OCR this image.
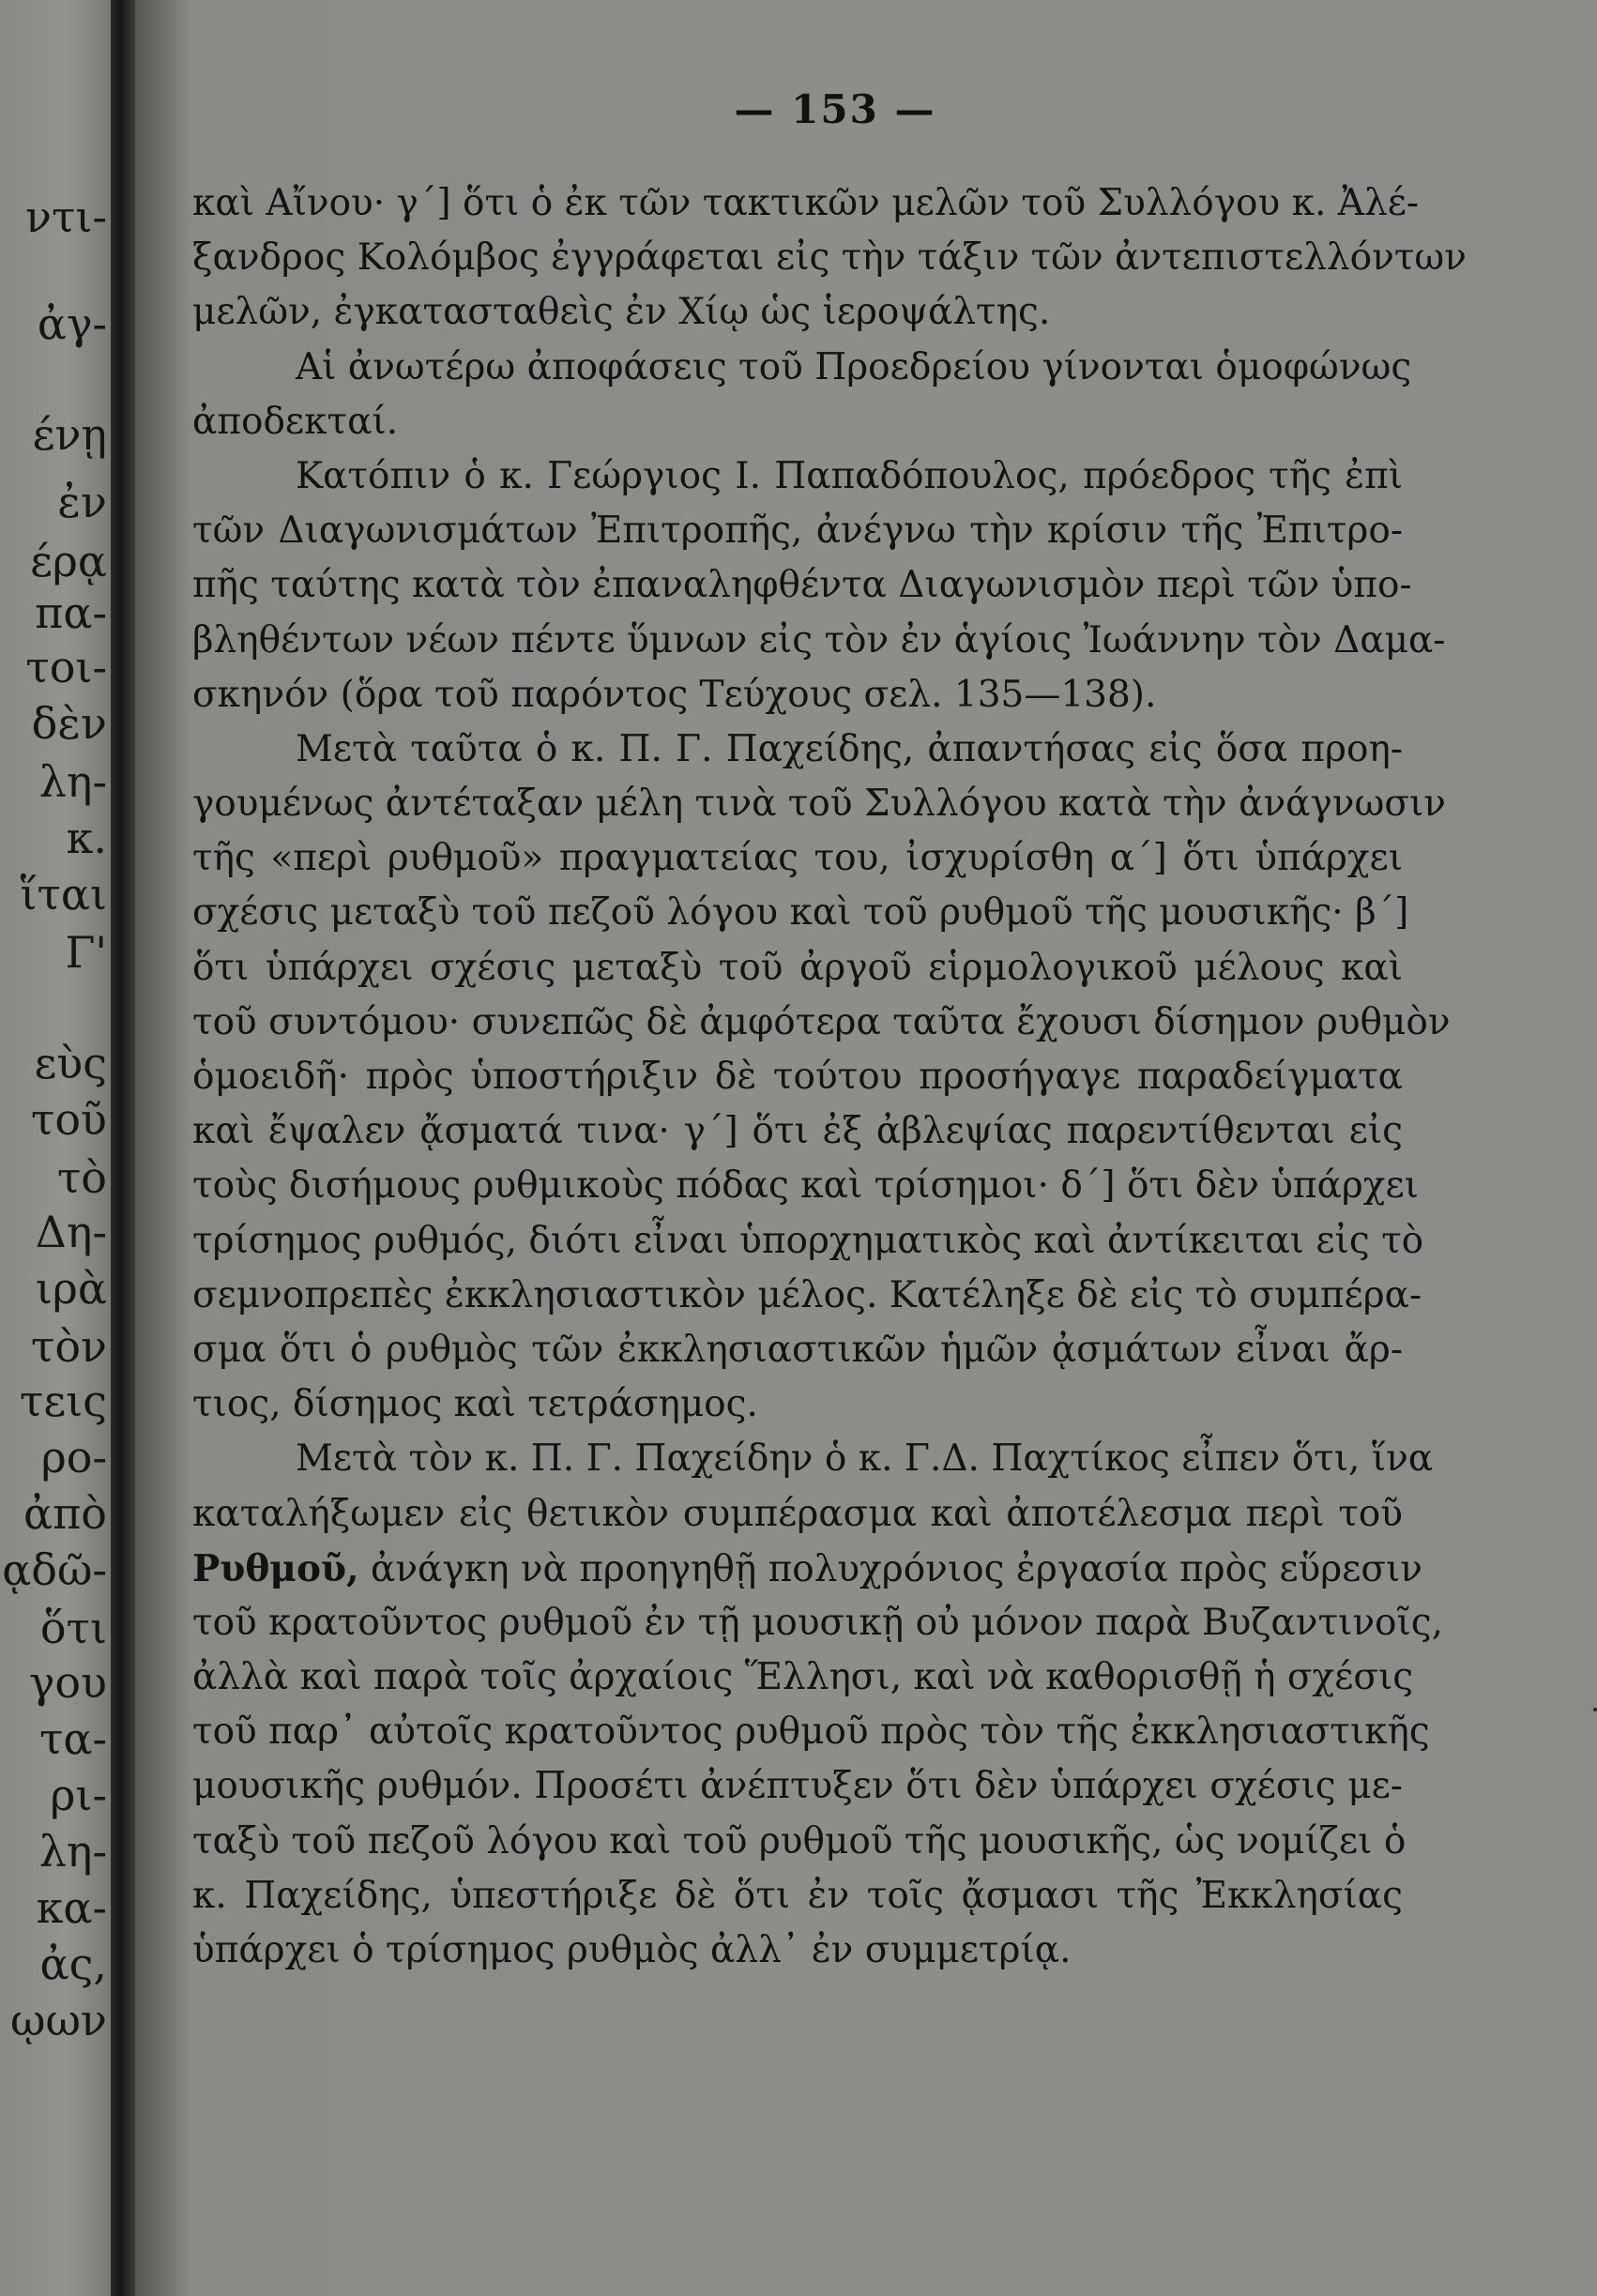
ντι-
ἀγ-
ένῃ
ἐν
έρᾳ
πα-
τοι-
δὲν
λη-
κ.
ἵται
Γ'
εὺς
τοῦ
τὸ
Δη-
ιρὰ
τὸν
τεις
ρο-
ἀπὸ
ᾳδῶ-
ὅτι
γου
τα-
ρι-
λη-
κα-
ἀς,
ῳων
— 153 —
καὶ Αἴνου· γ΄] ὅτι ὁ ἐκ τῶν τακτικῶν μελῶν τοῦ Συλλόγου κ. Ἀλέ-
ξανδρος Κολόμβος ἐγγράφεται εἰς τὴν τάξιν τῶν ἀντεπιστελλόντων
μελῶν, ἐγκατασταθεὶς ἐν Χίῳ ὡς ἱεροψάλτης.
Αἱ ἀνωτέρω ἀποφάσεις τοῦ Προεδρείου γίνονται ὁμοφώνως
ἀποδεκταί.
Κατόπιν ὁ κ. Γεώργιος Ι. Παπαδόπουλος, πρόεδρος τῆς ἐπὶ
τῶν Διαγωνισμάτων Ἐπιτροπῆς, ἀνέγνω τὴν κρίσιν τῆς Ἐπιτρο-
πῆς ταύτης κατὰ τὸν ἐπαναληφθέντα Διαγωνισμὸν περὶ τῶν ὑπο-
βληθέντων νέων πέντε ὕμνων εἰς τὸν ἐν ἁγίοις Ἰωάννην τὸν Δαμα-
σκηνόν (ὅρα τοῦ παρόντος Τεύχους σελ. 135—138).
Μετὰ ταῦτα ὁ κ. Π. Γ. Παχείδης, ἀπαντήσας εἰς ὅσα προη-
γουμένως ἀντέταξαν μέλη τινὰ τοῦ Συλλόγου κατὰ τὴν ἀνάγνωσιν
τῆς «περὶ ρυθμοῦ» πραγματείας του, ἰσχυρίσθη α΄] ὅτι ὑπάρχει
σχέσις μεταξὺ τοῦ πεζοῦ λόγου καὶ τοῦ ρυθμοῦ τῆς μουσικῆς· β΄]
ὅτι ὑπάρχει σχέσις μεταξὺ τοῦ ἀργοῦ εἱρμολογικοῦ μέλους καὶ
τοῦ συντόμου· συνεπῶς δὲ ἀμφότερα ταῦτα ἔχουσι δίσημον ρυθμὸν
ὁμοειδῆ· πρὸς ὑποστήριξιν δὲ τούτου προσήγαγε παραδείγματα
καὶ ἔψαλεν ᾄσματά τινα· γ΄] ὅτι ἐξ ἀβλεψίας παρεντίθενται εἰς
τοὺς δισήμους ρυθμικοὺς πόδας καὶ τρίσημοι· δ΄] ὅτι δὲν ὑπάρχει
τρίσημος ρυθμός, διότι εἶναι ὑπορχηματικὸς καὶ ἀντίκειται εἰς τὸ
σεμνοπρεπὲς ἐκκλησιαστικὸν μέλος. Κατέληξε δὲ εἰς τὸ συμπέρα-
σμα ὅτι ὁ ρυθμὸς τῶν ἐκκλησιαστικῶν ἡμῶν ᾀσμάτων εἶναι ἄρ-
τιος, δίσημος καὶ τετράσημος.
Μετὰ τὸν κ. Π. Γ. Παχείδην ὁ κ. Γ.Δ. Παχτίκος εἶπεν ὅτι, ἵνα
καταλήξωμεν εἰς θετικὸν συμπέρασμα καὶ ἀποτέλεσμα περὶ τοῦ
Ρυθμοῦ, ἀνάγκη νὰ προηγηθῇ πολυχρόνιος ἐργασία πρὸς εὕρεσιν
τοῦ κρατοῦντος ρυθμοῦ ἐν τῇ μουσικῇ οὐ μόνον παρὰ Βυζαντινοῖς,
ἀλλὰ καὶ παρὰ τοῖς ἀρχαίοις Ἕλλησι, καὶ νὰ καθορισθῇ ἡ σχέσις
τοῦ παρ᾽ αὐτοῖς κρατοῦντος ρυθμοῦ πρὸς τὸν τῆς ἐκκλησιαστικῆς
μουσικῆς ρυθμόν. Προσέτι ἀνέπτυξεν ὅτι δὲν ὑπάρχει σχέσις με-
ταξὺ τοῦ πεζοῦ λόγου καὶ τοῦ ρυθμοῦ τῆς μουσικῆς, ὡς νομίζει ὁ
κ. Παχείδης, ὑπεστήριξε δὲ ὅτι ἐν τοῖς ᾄσμασι τῆς Ἐκκλησίας
ὑπάρχει ὁ τρίσημος ρυθμὸς ἀλλ᾽ ἐν συμμετρίᾳ.
